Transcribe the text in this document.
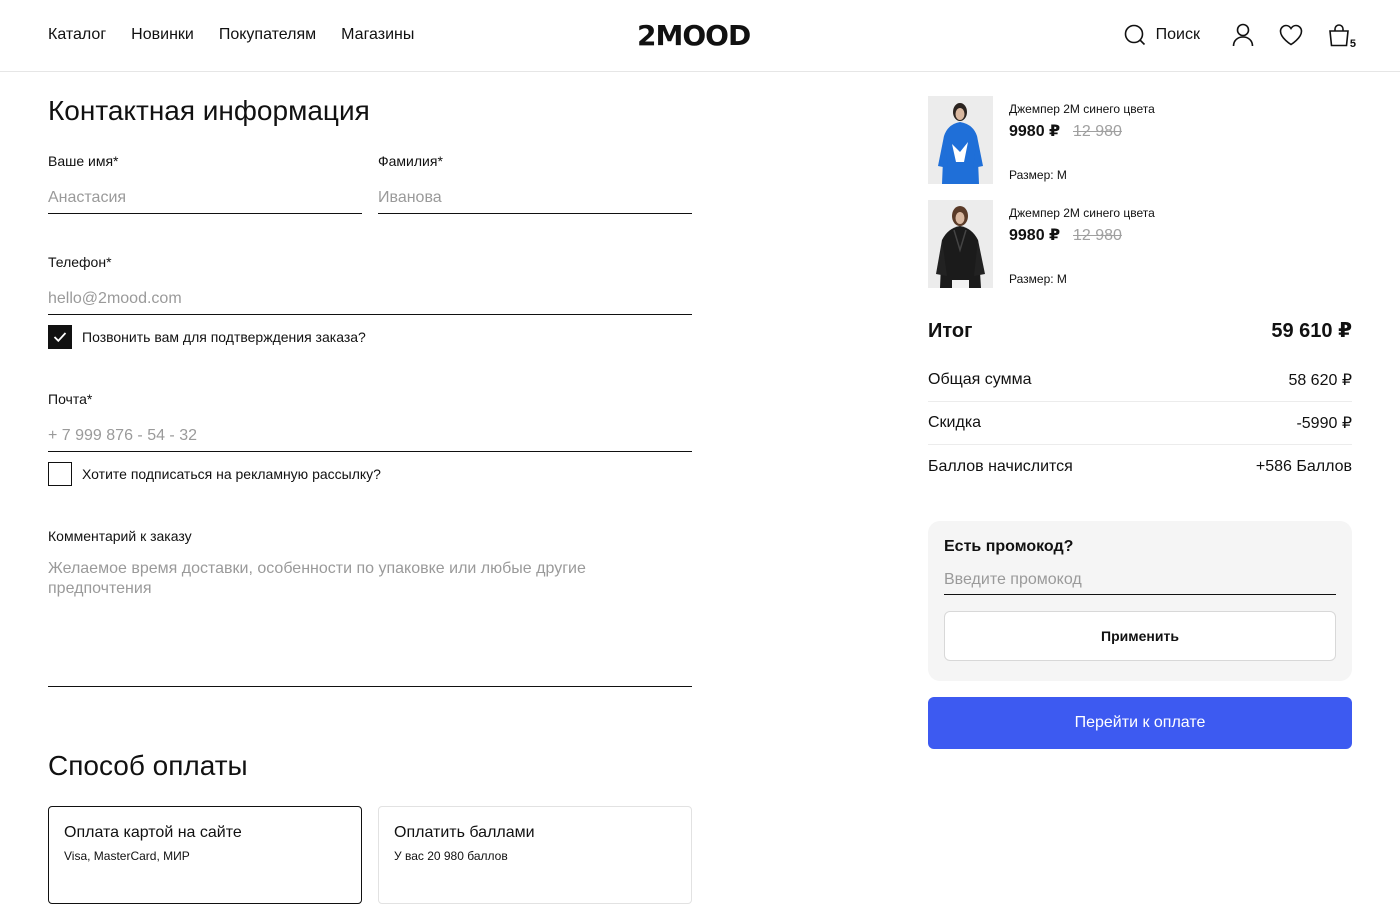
Каталог Новинки Покупателям Магазины	2MOOD	Поиск
5
Контактная информация
Ваше имя*
Анастасия	Фамилия*
Иванова
Телефон*
hello@2mood.com
Позвонить вам для подтверждения заказа?
Почта*
+ 7 999 876 - 54 - 32
Хотите подписаться на рекламную рассылку?
Комментарий к заказу
Желаемое время доставки, особенности по упаковке или любые другие предпочтения
Способ оплаты
Оплата картой на сайте
Visa, MasterCard, МИР
Оплатить баллами
У вас 20 980 баллов
Джемпер 2M синего цвета
9980 ₽ 12 980
Размер: M
Джемпер 2M синего цвета
9980 ₽ 12 980
Размер: M
Итог	59 610 ₽
Общая сумма	58 620 ₽
Скидка	-5990 ₽
Баллов начислится	+586 Баллов
Есть промокод?
Введите промокод
Применить
Перейти к оплате
